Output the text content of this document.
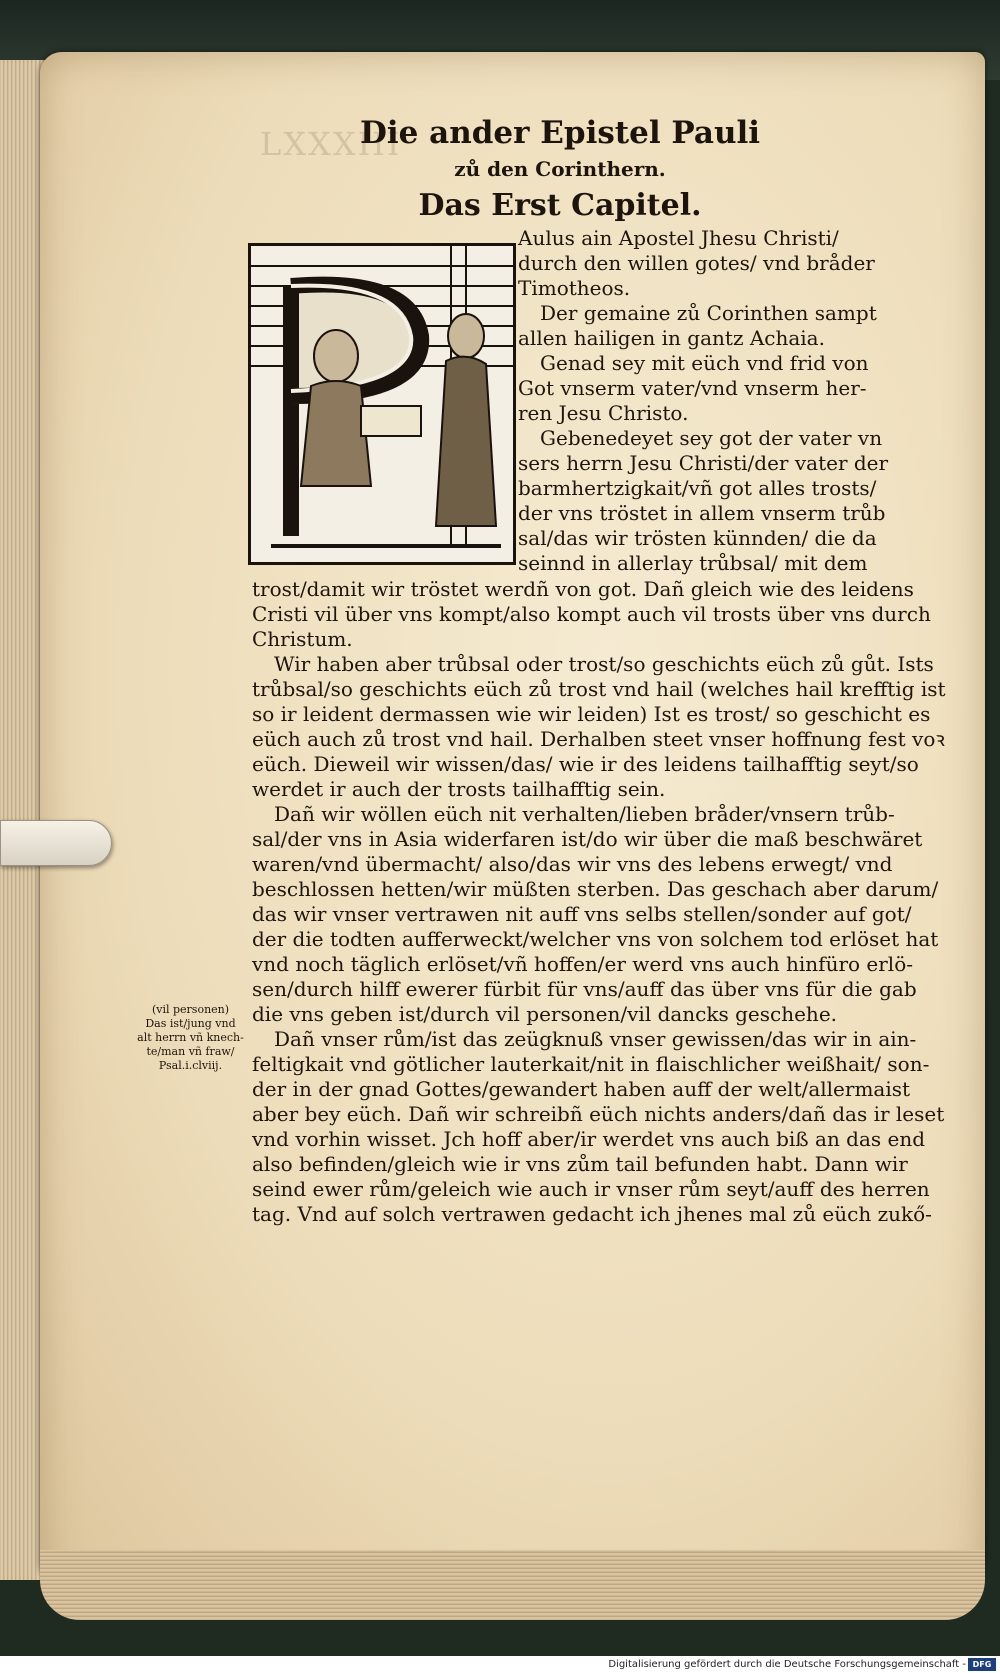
LXXXIII
Die ander Epistel Pauli
zů den Corinthern.
Das Erst Capitel.
Aulus ain Apostel Jhesu Christi/
durch den willen gotes/ vnd bråder
Timotheos.
Der gemaine zů Corinthen sampt
allen hailigen in gantz Achaia.
Genad sey mit eüch vnd frid von
Got vnserm vater/vnd vnserm her-
ren Jesu Christo.
Gebenedeyet sey got der vater vn
sers herrn Jesu Christi/der vater der
barmhertzigkait/vñ got alles trosts/
der vns tröstet in allem vnserm trůb
sal/das wir trösten künnden/ die da
seinnd in allerlay trůbsal/ mit dem
trost/damit wir tröstet werdñ von got. Dañ gleich wie des leidens
Cristi vil über vns kompt/also kompt auch vil trosts über vns durch
Christum.
Wir haben aber trůbsal oder trost/so geschichts eüch zů gůt. Ists
trůbsal/so geschichts eüch zů trost vnd hail (welches hail krefftig ist
so ir leident dermassen wie wir leiden) Ist es trost/ so geschicht es
eüch auch zů trost vnd hail. Derhalben steet vnser hoffnung fest voꝛ
eüch. Dieweil wir wissen/das/ wie ir des leidens tailhafftig seyt/so
werdet ir auch der trosts tailhafftig sein.
Dañ wir wöllen eüch nit verhalten/lieben bråder/vnsern trůb-
sal/der vns in Asia widerfaren ist/do wir über die maß beschwäret
waren/vnd übermacht/ also/das wir vns des lebens erwegt/ vnd
beschlossen hetten/wir müßten sterben. Das geschach aber darum/
das wir vnser vertrawen nit auff vns selbs stellen/sonder auf got/
der die todten aufferweckt/welcher vns von solchem tod erlöset hat
vnd noch täglich erlöset/vñ hoffen/er werd vns auch hinfüro erlö-
sen/durch hilff ewerer fürbit für vns/auff das über vns für die gab
die vns geben ist/durch vil personen/vil dancks geschehe.
Dañ vnser rům/ist das zeügknuß vnser gewissen/das wir in ain-
feltigkait vnd götlicher lauterkait/nit in flaischlicher weißhait/ son-
der in der gnad Gottes/gewandert haben auff der welt/allermaist
aber bey eüch. Dañ wir schreibñ eüch nichts anders/dañ das ir leset
vnd vorhin wisset. Jch hoff aber/ir werdet vns auch biß an das end
also befinden/gleich wie ir vns zům tail befunden habt. Dann wir
seind ewer rům/geleich wie auch ir vnser rům seyt/auff des herren
tag. Vnd auf solch vertrawen gedacht ich jhenes mal zů eüch zukő-
(vil personen)
Das ist/jung vnd
alt herrn vñ knech-
te/man vñ fraw/
Psal.i.clviij.
Digitalisierung gefördert durch die Deutsche Forschungsgemeinschaft - DFG
